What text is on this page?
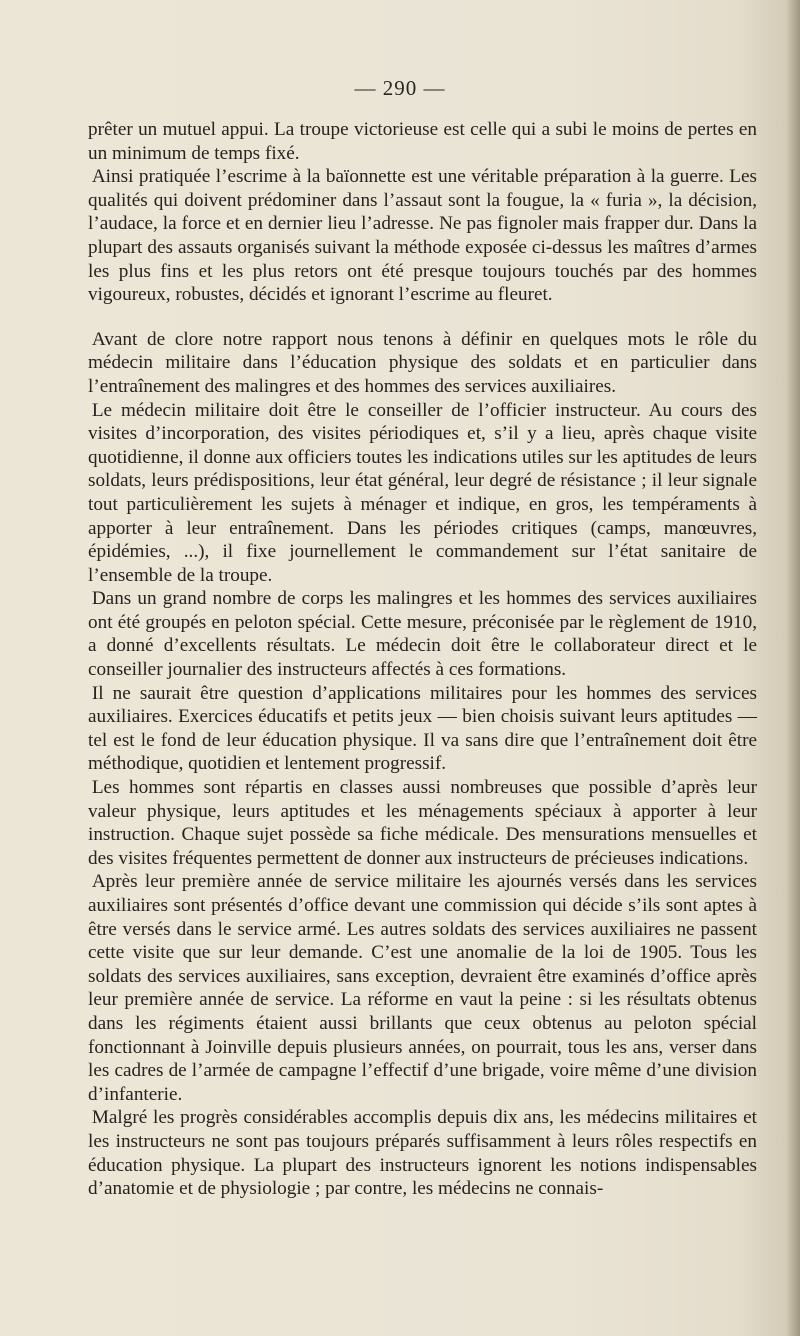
— 290 —

prêter un mutuel appui. La troupe victorieuse est celle qui a subi le moins de pertes en un minimum de temps fixé.

Ainsi pratiquée l’escrime à la baïonnette est une véritable préparation à la guerre. Les qualités qui doivent prédominer dans l’assaut sont la fougue, la « furia », la décision, l’audace, la force et en dernier lieu l’adresse. Ne pas fignoler mais frapper dur. Dans la plupart des assauts organisés suivant la méthode exposée ci-dessus les maîtres d’armes les plus fins et les plus retors ont été presque toujours touchés par des hommes vigoureux, robustes, décidés et ignorant l’escrime au fleuret.

Avant de clore notre rapport nous tenons à définir en quelques mots le rôle du médecin militaire dans l’éducation physique des soldats et en particulier dans l’entraînement des malingres et des hommes des services auxiliaires.

Le médecin militaire doit être le conseiller de l’officier instructeur. Au cours des visites d’incorporation, des visites périodiques et, s’il y a lieu, après chaque visite quotidienne, il donne aux officiers toutes les indications utiles sur les aptitudes de leurs soldats, leurs prédispositions, leur état général, leur degré de résistance ; il leur signale tout particulièrement les sujets à ménager et indique, en gros, les tempéraments à apporter à leur entraînement. Dans les périodes critiques (camps, manœuvres, épidémies, ...), il fixe journellement le commandement sur l’état sanitaire de l’ensemble de la troupe.

Dans un grand nombre de corps les malingres et les hommes des services auxiliaires ont été groupés en peloton spécial. Cette mesure, préconisée par le règlement de 1910, a donné d’excellents résultats. Le médecin doit être le collaborateur direct et le conseiller journalier des instructeurs affectés à ces formations.

Il ne saurait être question d’applications militaires pour les hommes des services auxiliaires. Exercices éducatifs et petits jeux — bien choisis suivant leurs aptitudes — tel est le fond de leur éducation physique. Il va sans dire que l’entraînement doit être méthodique, quotidien et lentement progressif.

Les hommes sont répartis en classes aussi nombreuses que possible d’après leur valeur physique, leurs aptitudes et les ménagements spéciaux à apporter à leur instruction. Chaque sujet possède sa fiche médicale. Des mensurations mensuelles et des visites fréquentes permettent de donner aux instructeurs de précieuses indications.

Après leur première année de service militaire les ajournés versés dans les services auxiliaires sont présentés d’office devant une commission qui décide s’ils sont aptes à être versés dans le service armé. Les autres soldats des services auxiliaires ne passent cette visite que sur leur demande. C’est une anomalie de la loi de 1905. Tous les soldats des services auxiliaires, sans exception, devraient être examinés d’office après leur première année de service. La réforme en vaut la peine : si les résultats obtenus dans les régiments étaient aussi brillants que ceux obtenus au peloton spécial fonctionnant à Joinville depuis plusieurs années, on pourrait, tous les ans, verser dans les cadres de l’armée de campagne l’effectif d’une brigade, voire même d’une division d’infanterie.

Malgré les progrès considérables accomplis depuis dix ans, les médecins militaires et les instructeurs ne sont pas toujours préparés suffisamment à leurs rôles respectifs en éducation physique. La plupart des instructeurs ignorent les notions indispensables d’anatomie et de physiologie ; par contre, les médecins ne connais-
